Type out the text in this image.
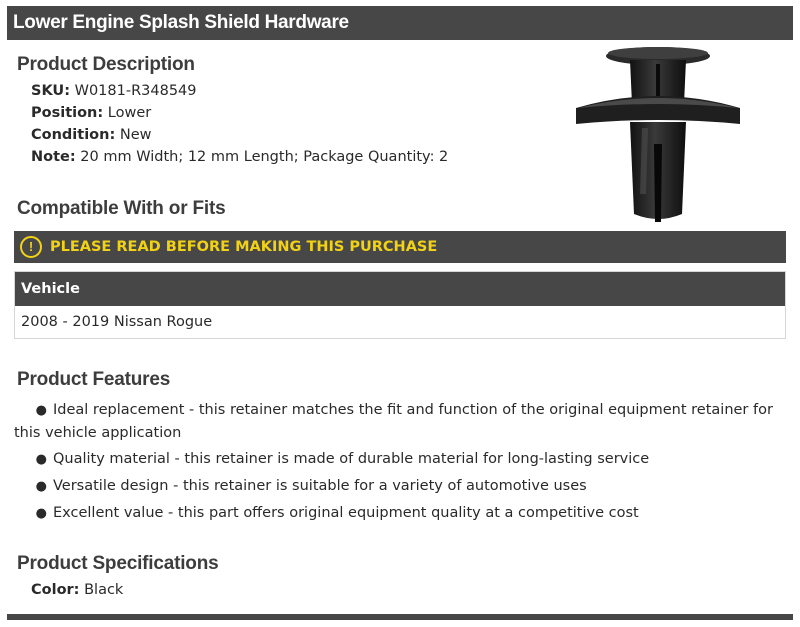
Lower Engine Splash Shield Hardware
Product Description
SKU: W0181-R348549
Position: Lower
Condition: New
Note: 20 mm Width; 12 mm Length; Package Quantity: 2
Compatible With or Fits
!	PLEASE READ BEFORE MAKING THIS PURCHASE
Vehicle
2008 - 2019 Nissan Rogue
Product Features
● Ideal replacement - this retainer matches the fit and function of the original equipment retainer for this vehicle application
● Quality material - this retainer is made of durable material for long-lasting service
● Versatile design - this retainer is suitable for a variety of automotive uses
● Excellent value - this part offers original equipment quality at a competitive cost
Product Specifications
Color: Black
